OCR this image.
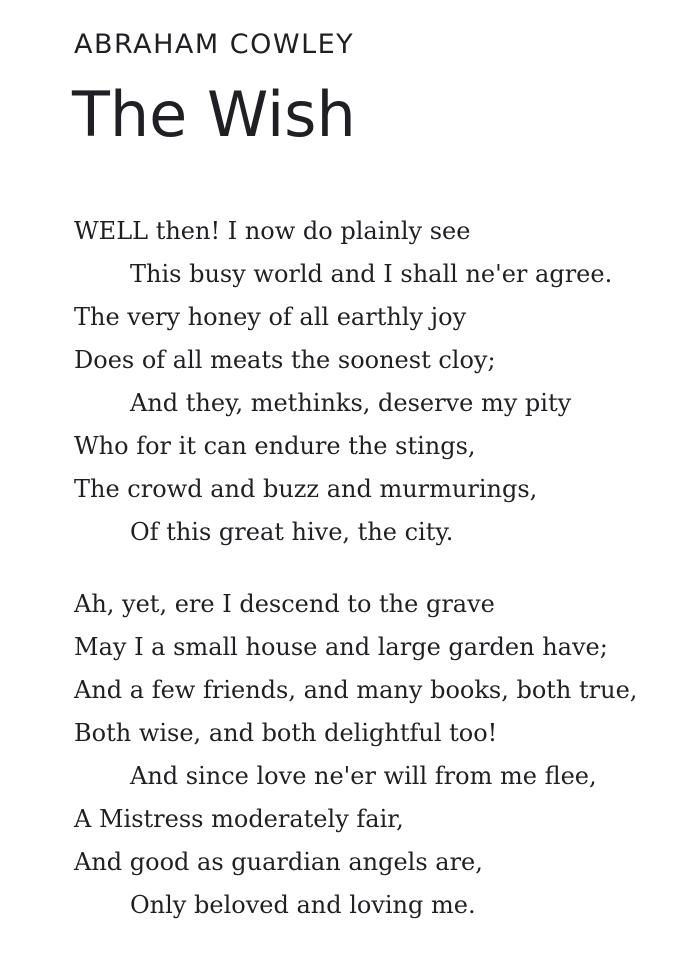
ABRAHAM COWLEY
The Wish
WELL then! I now do plainly see
This busy world and I shall ne'er agree.
The very honey of all earthly joy
Does of all meats the soonest cloy;
And they, methinks, deserve my pity
Who for it can endure the stings,
The crowd and buzz and murmurings,
Of this great hive, the city.
Ah, yet, ere I descend to the grave
May I a small house and large garden have;
And a few friends, and many books, both true,
Both wise, and both delightful too!
And since love ne'er will from me flee,
A Mistress moderately fair,
And good as guardian angels are,
Only beloved and loving me.
